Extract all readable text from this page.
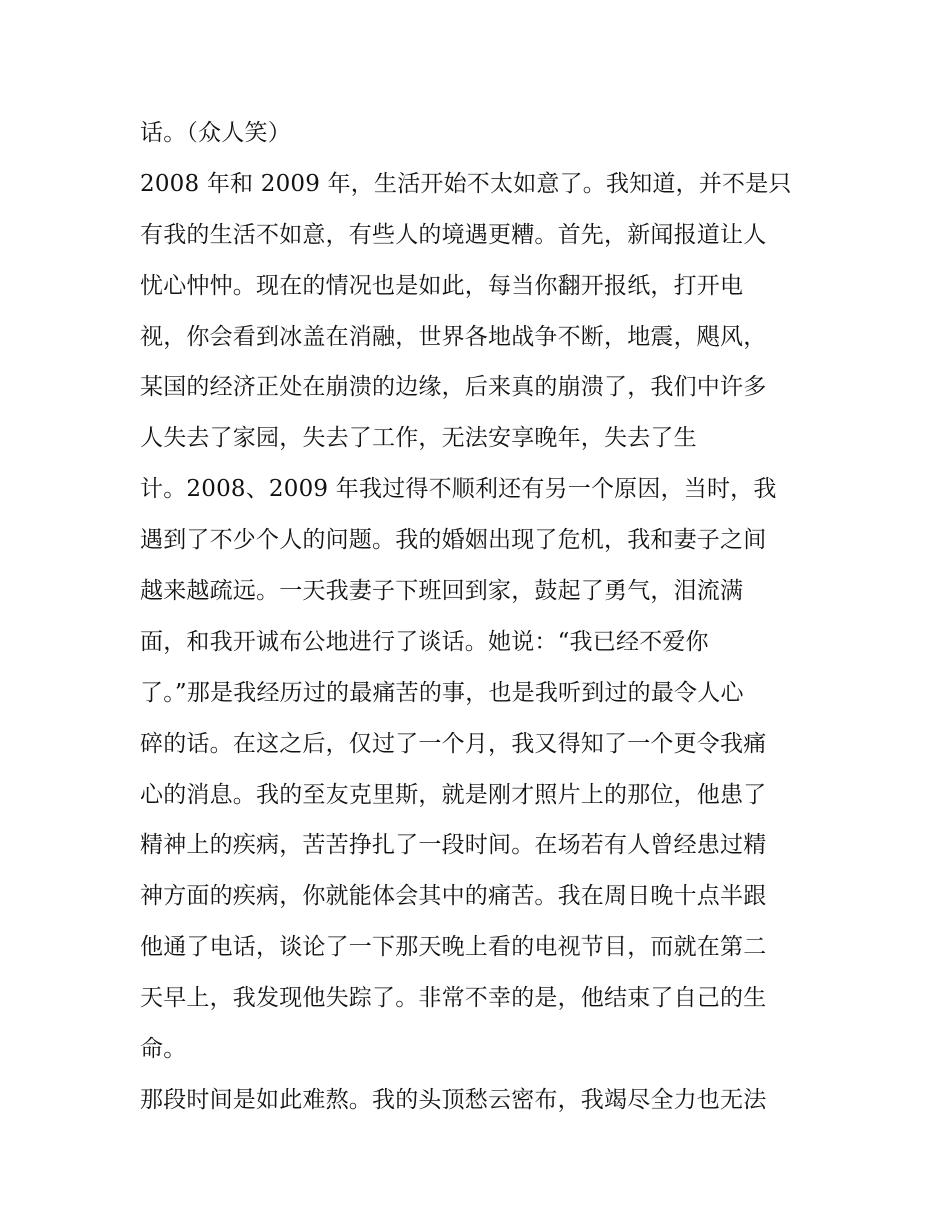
话。（众人笑）
2008 年和 2009 年，生活开始不太如意了。我知道，并不是只
有我的生活不如意，有些人的境遇更糟。首先，新闻报道让人
忧心忡忡。现在的情况也是如此，每当你翻开报纸，打开电
视，你会看到冰盖在消融，世界各地战争不断，地震，飓风，
某国的经济正处在崩溃的边缘，后来真的崩溃了，我们中许多
人失去了家园，失去了工作，无法安享晚年，失去了生
计。2008、2009 年我过得不顺利还有另一个原因，当时，我
遇到了不少个人的问题。我的婚姻出现了危机，我和妻子之间
越来越疏远。一天我妻子下班回到家，鼓起了勇气，泪流满
面，和我开诚布公地进行了谈话。她说：“我已经不爱你
了。”那是我经历过的最痛苦的事，也是我听到过的最令人心
碎的话。在这之后，仅过了一个月，我又得知了一个更令我痛
心的消息。我的至友克里斯，就是刚才照片上的那位，他患了
精神上的疾病，苦苦挣扎了一段时间。在场若有人曾经患过精
神方面的疾病，你就能体会其中的痛苦。我在周日晚十点半跟
他通了电话，谈论了一下那天晚上看的电视节目，而就在第二
天早上，我发现他失踪了。非常不幸的是，他结束了自己的生
命。
那段时间是如此难熬。我的头顶愁云密布，我竭尽全力也无法
